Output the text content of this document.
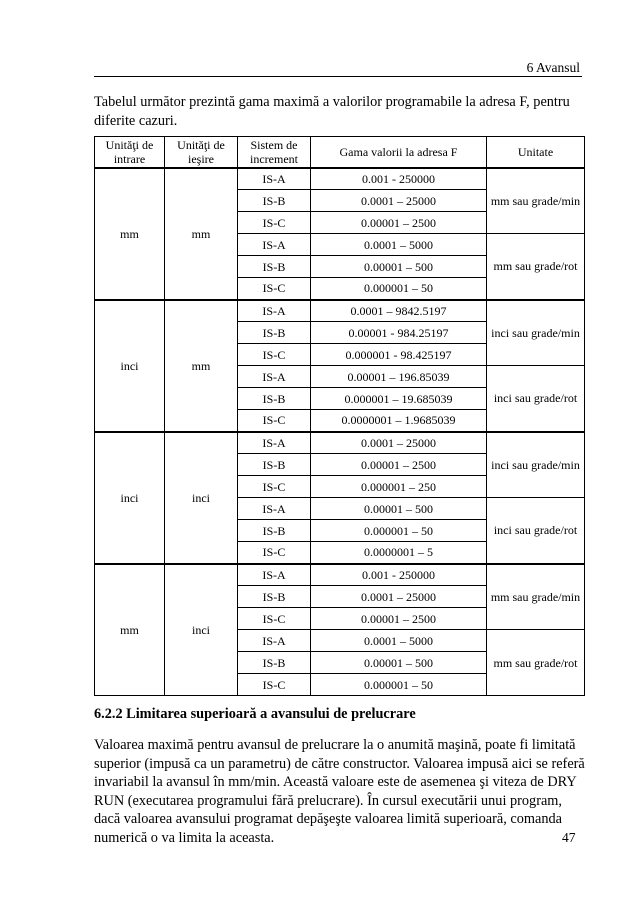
6 Avansul
Tabelul următor prezintă gama maximă a valorilor programabile la adresa F, pentru diferite cazuri.
Unităţi de intrare	Unităţi de ieşire	Sistem de increment	Gama valorii la adresa F	Unitate
mm	mm	IS-A	0.001 - 250000	mm sau grade/min
		IS-B	0.0001 – 25000	
		IS-C	0.00001 – 2500	
		IS-A	0.0001 – 5000	mm sau grade/rot
		IS-B	0.00001 – 500	
		IS-C	0.000001 – 50	
inci	mm	IS-A	0.0001 – 9842.5197	inci sau grade/min
		IS-B	0.00001 - 984.25197	
		IS-C	0.000001 - 98.425197	
		IS-A	0.00001 – 196.85039	inci sau grade/rot
		IS-B	0.000001 – 19.685039	
		IS-C	0.0000001 – 1.9685039	
inci	inci	IS-A	0.0001 – 25000	inci sau grade/min
		IS-B	0.00001 – 2500	
		IS-C	0.000001 – 250	
		IS-A	0.00001 – 500	inci sau grade/rot
		IS-B	0.000001 – 50	
		IS-C	0.0000001 – 5	
mm	inci	IS-A	0.001 - 250000	mm sau grade/min
		IS-B	0.0001 – 25000	
		IS-C	0.00001 – 2500	
		IS-A	0.0001 – 5000	mm sau grade/rot
		IS-B	0.00001 – 500	
		IS-C	0.000001 – 50	
6.2.2 Limitarea superioară a avansului de prelucrare
Valoarea maximă pentru avansul de prelucrare la o anumită maşină, poate fi limitată superior (impusă ca un parametru) de către constructor. Valoarea impusă aici se referă invariabil la avansul în mm/min. Această valoare este de asemenea şi viteza de DRY RUN (executarea programului fără prelucrare). În cursul executării unui program, dacă valoarea avansului programat depăşeşte valoarea limită superioară, comanda numerică o va limita la aceasta.	47
